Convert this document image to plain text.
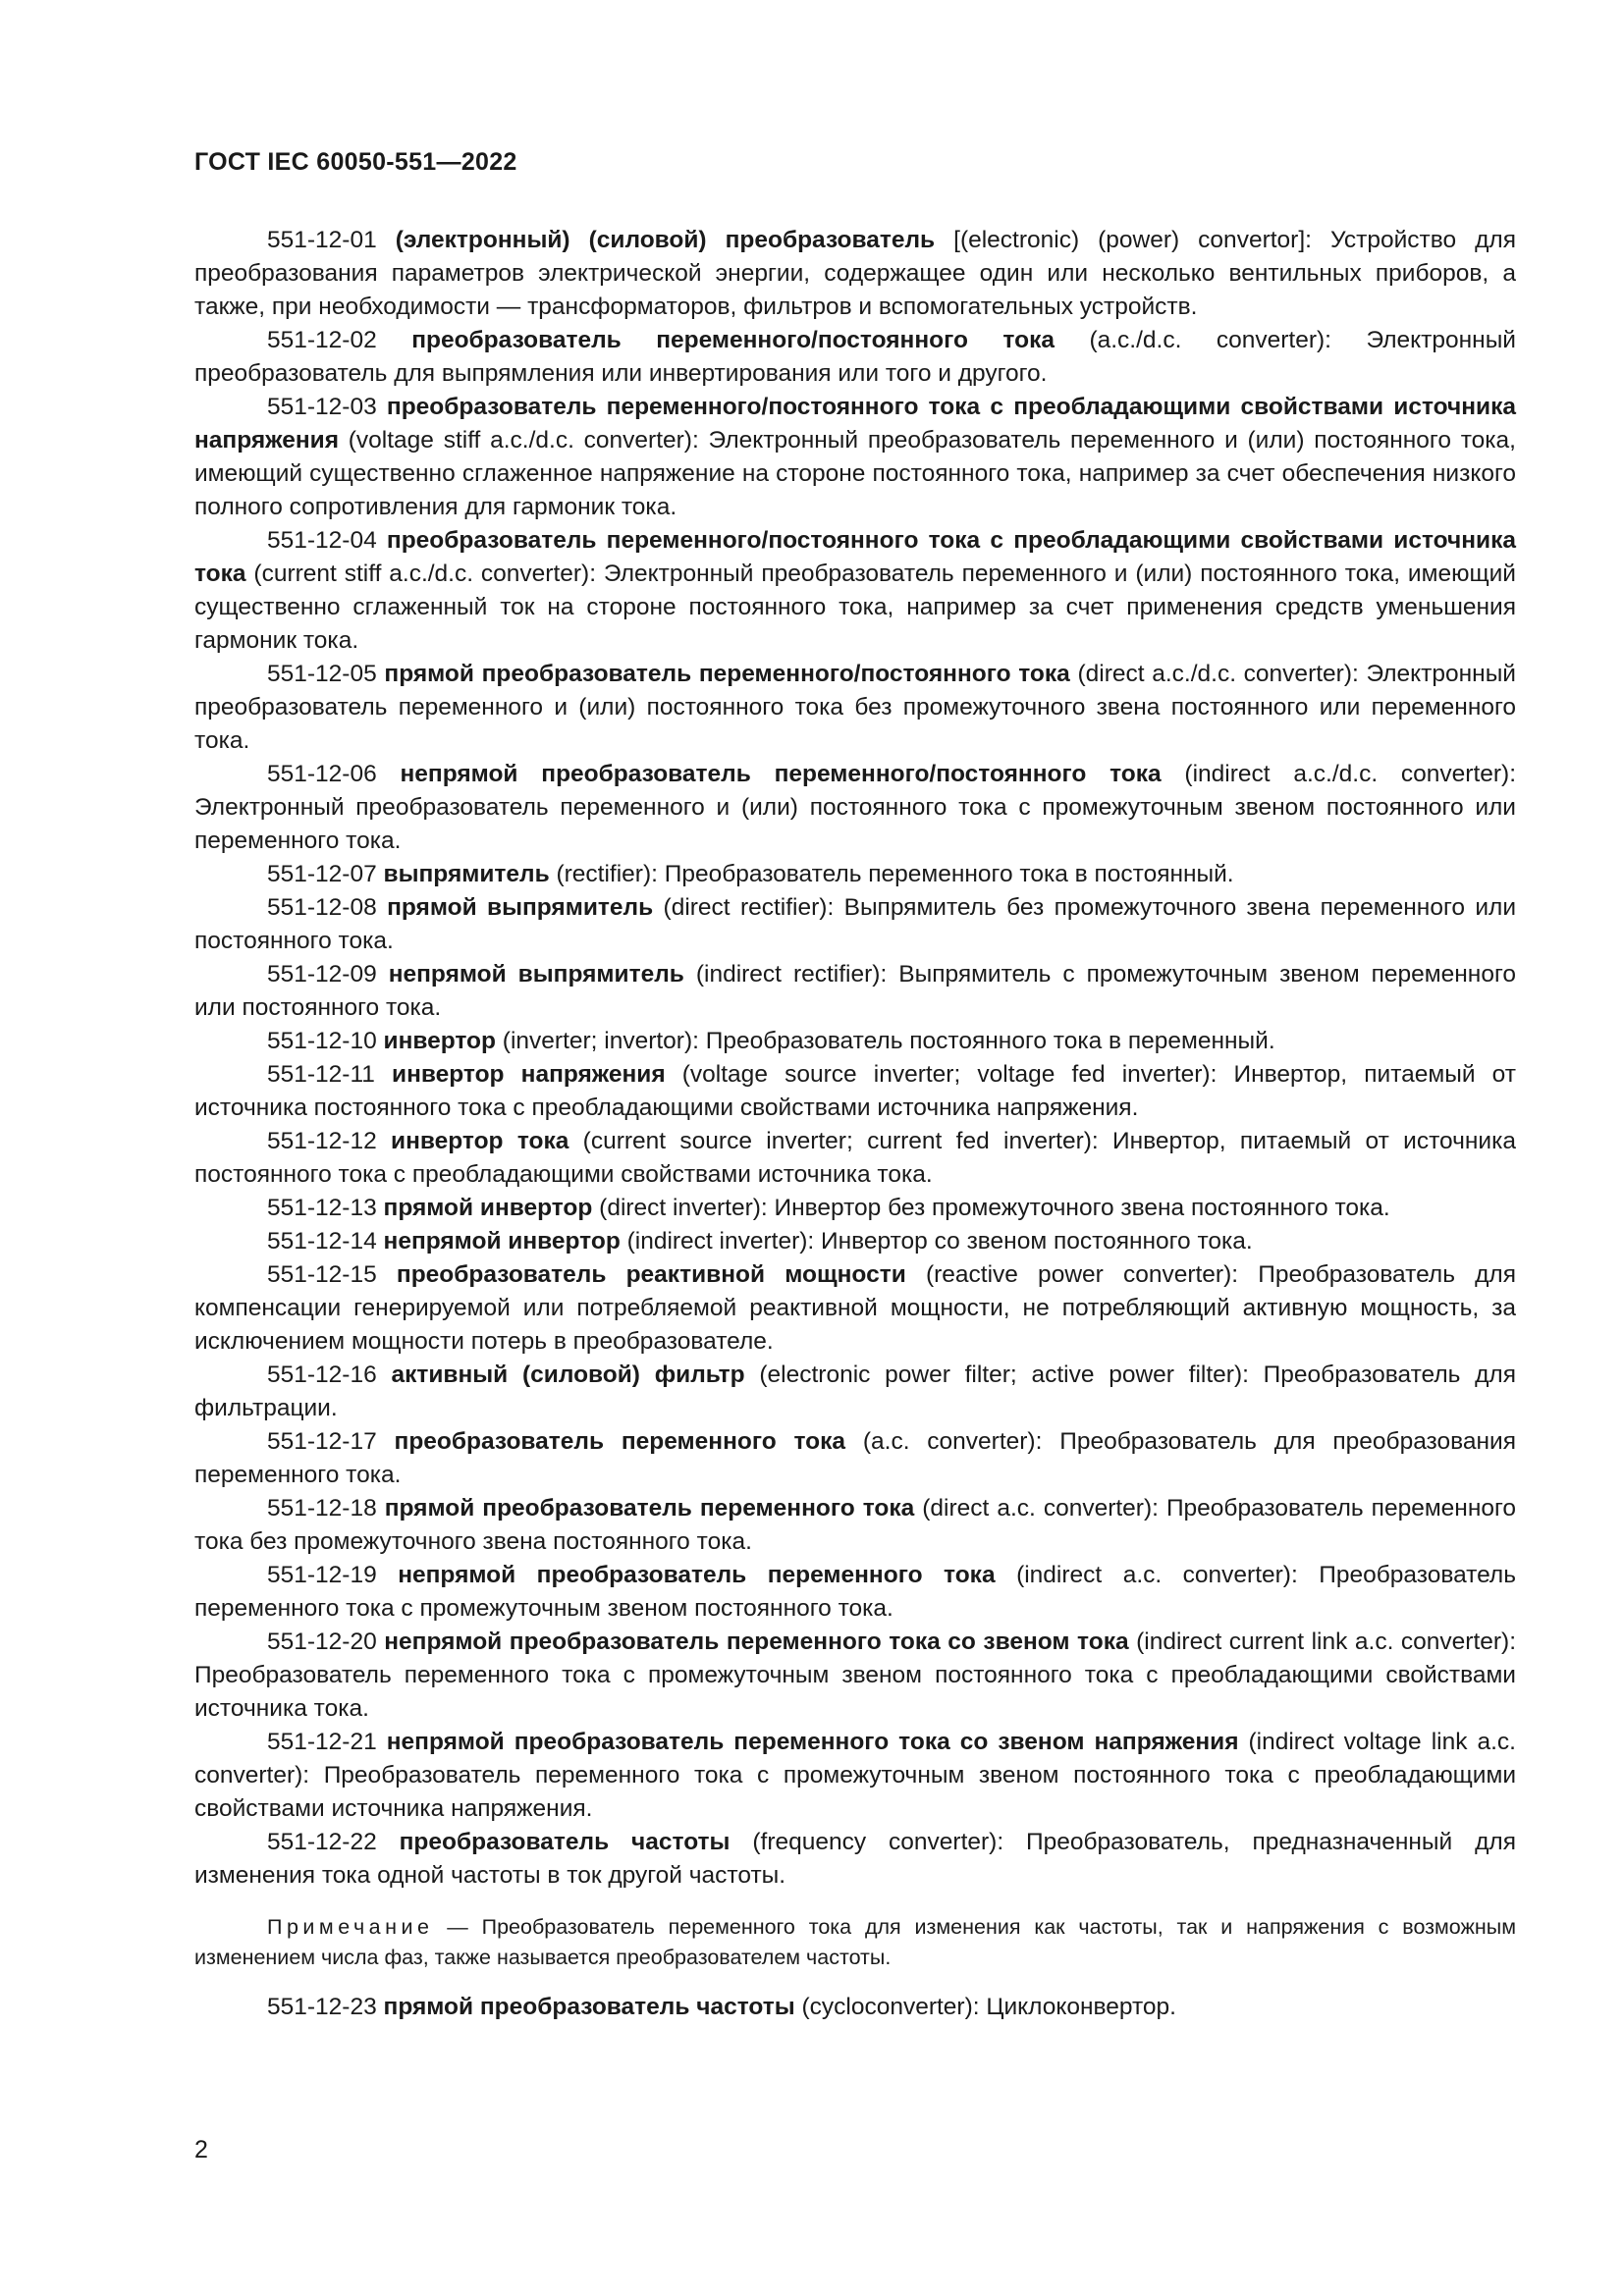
ГОСТ IEC 60050-551—2022

551-12-01 (электронный) (силовой) преобразователь [(electronic) (power) convertor]: Устройство для преобразования параметров электрической энергии, содержащее один или несколько вентильных приборов, а также, при необходимости — трансформаторов, фильтров и вспомогательных устройств.

551-12-02 преобразователь переменного/постоянного тока (a.c./d.c. converter): Электронный преобразователь для выпрямления или инвертирования или того и другого.

551-12-03 преобразователь переменного/постоянного тока с преобладающими свойствами источника напряжения (voltage stiff a.c./d.c. converter): Электронный преобразователь переменного и (или) постоянного тока, имеющий существенно сглаженное напряжение на стороне постоянного тока, например за счет обеспечения низкого полного сопротивления для гармоник тока.

551-12-04 преобразователь переменного/постоянного тока с преобладающими свойствами источника тока (current stiff a.c./d.c. converter): Электронный преобразователь переменного и (или) постоянного тока, имеющий существенно сглаженный ток на стороне постоянного тока, например за счет применения средств уменьшения гармоник тока.

551-12-05 прямой преобразователь переменного/постоянного тока (direct a.c./d.c. converter): Электронный преобразователь переменного и (или) постоянного тока без промежуточного звена постоянного или переменного тока.

551-12-06 непрямой преобразователь переменного/постоянного тока (indirect a.c./d.c. converter): Электронный преобразователь переменного и (или) постоянного тока с промежуточным звеном постоянного или переменного тока.

551-12-07 выпрямитель (rectifier): Преобразователь переменного тока в постоянный.

551-12-08 прямой выпрямитель (direct rectifier): Выпрямитель без промежуточного звена переменного или постоянного тока.

551-12-09 непрямой выпрямитель (indirect rectifier): Выпрямитель с промежуточным звеном переменного или постоянного тока.

551-12-10 инвертор (inverter; invertor): Преобразователь постоянного тока в переменный.

551-12-11 инвертор напряжения (voltage source inverter; voltage fed inverter): Инвертор, питаемый от источника постоянного тока с преобладающими свойствами источника напряжения.

551-12-12 инвертор тока (current source inverter; current fed inverter): Инвертор, питаемый от источника постоянного тока с преобладающими свойствами источника тока.

551-12-13 прямой инвертор (direct inverter): Инвертор без промежуточного звена постоянного тока.

551-12-14 непрямой инвертор (indirect inverter): Инвертор со звеном постоянного тока.

551-12-15 преобразователь реактивной мощности (reactive power converter): Преобразователь для компенсации генерируемой или потребляемой реактивной мощности, не потребляющий активную мощность, за исключением мощности потерь в преобразователе.

551-12-16 активный (силовой) фильтр (electronic power filter; active power filter): Преобразователь для фильтрации.

551-12-17 преобразователь переменного тока (a.c. converter): Преобразователь для преобразования переменного тока.

551-12-18 прямой преобразователь переменного тока (direct a.c. converter): Преобразователь переменного тока без промежуточного звена постоянного тока.

551-12-19 непрямой преобразователь переменного тока (indirect a.c. converter): Преобразователь переменного тока с промежуточным звеном постоянного тока.

551-12-20 непрямой преобразователь переменного тока со звеном тока (indirect current link a.c. converter): Преобразователь переменного тока с промежуточным звеном постоянного тока с преобладающими свойствами источника тока.

551-12-21 непрямой преобразователь переменного тока со звеном напряжения (indirect voltage link a.c. converter): Преобразователь переменного тока с промежуточным звеном постоянного тока с преобладающими свойствами источника напряжения.

551-12-22 преобразователь частоты (frequency converter): Преобразователь, предназначенный для изменения тока одной частоты в ток другой частоты.

Примечание — Преобразователь переменного тока для изменения как частоты, так и напряжения с возможным изменением числа фаз, также называется преобразователем частоты.

551-12-23 прямой преобразователь частоты (cycloconverter): Циклоконвертор.

2
